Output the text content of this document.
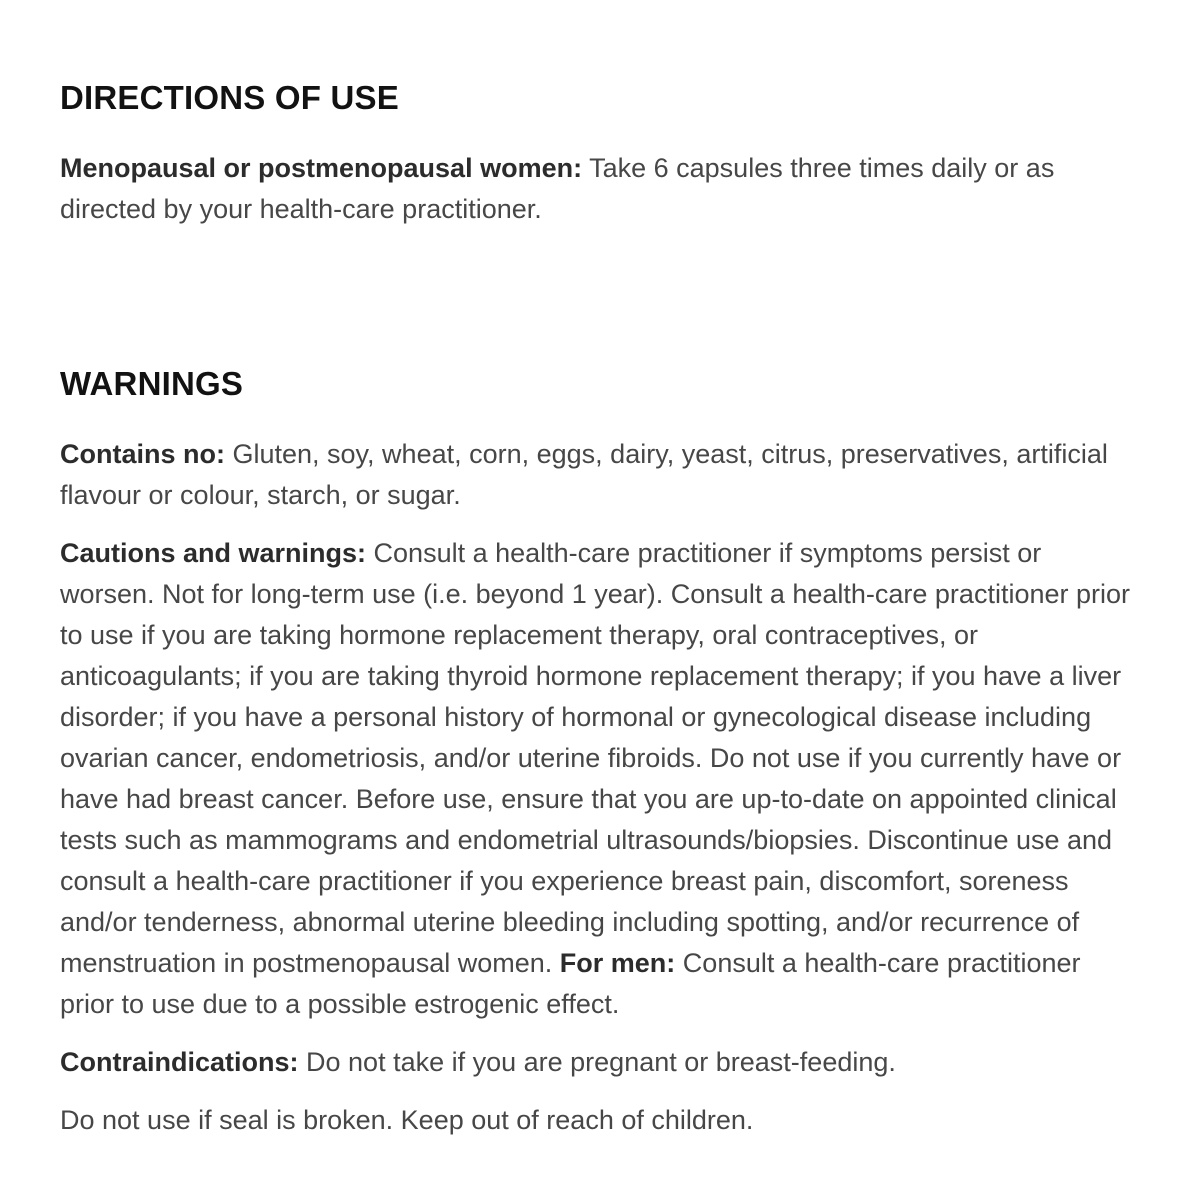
DIRECTIONS OF USE

Menopausal or postmenopausal women: Take 6 capsules three times daily or as directed by your health-care practitioner.

WARNINGS

Contains no: Gluten, soy, wheat, corn, eggs, dairy, yeast, citrus, preservatives, artificial flavour or colour, starch, or sugar.

Cautions and warnings: Consult a health-care practitioner if symptoms persist or worsen. Not for long-term use (i.e. beyond 1 year). Consult a health-care practitioner prior to use if you are taking hormone replacement therapy, oral contraceptives, or anticoagulants; if you are taking thyroid hormone replacement therapy; if you have a liver disorder; if you have a personal history of hormonal or gynecological disease including ovarian cancer, endometriosis, and/or uterine fibroids. Do not use if you currently have or have had breast cancer. Before use, ensure that you are up-to-date on appointed clinical tests such as mammograms and endometrial ultrasounds/biopsies. Discontinue use and consult a health-care practitioner if you experience breast pain, discomfort, soreness and/or tenderness, abnormal uterine bleeding including spotting, and/or recurrence of menstruation in postmenopausal women. For men: Consult a health-care practitioner prior to use due to a possible estrogenic effect.

Contraindications: Do not take if you are pregnant or breast-feeding.

Do not use if seal is broken. Keep out of reach of children.
